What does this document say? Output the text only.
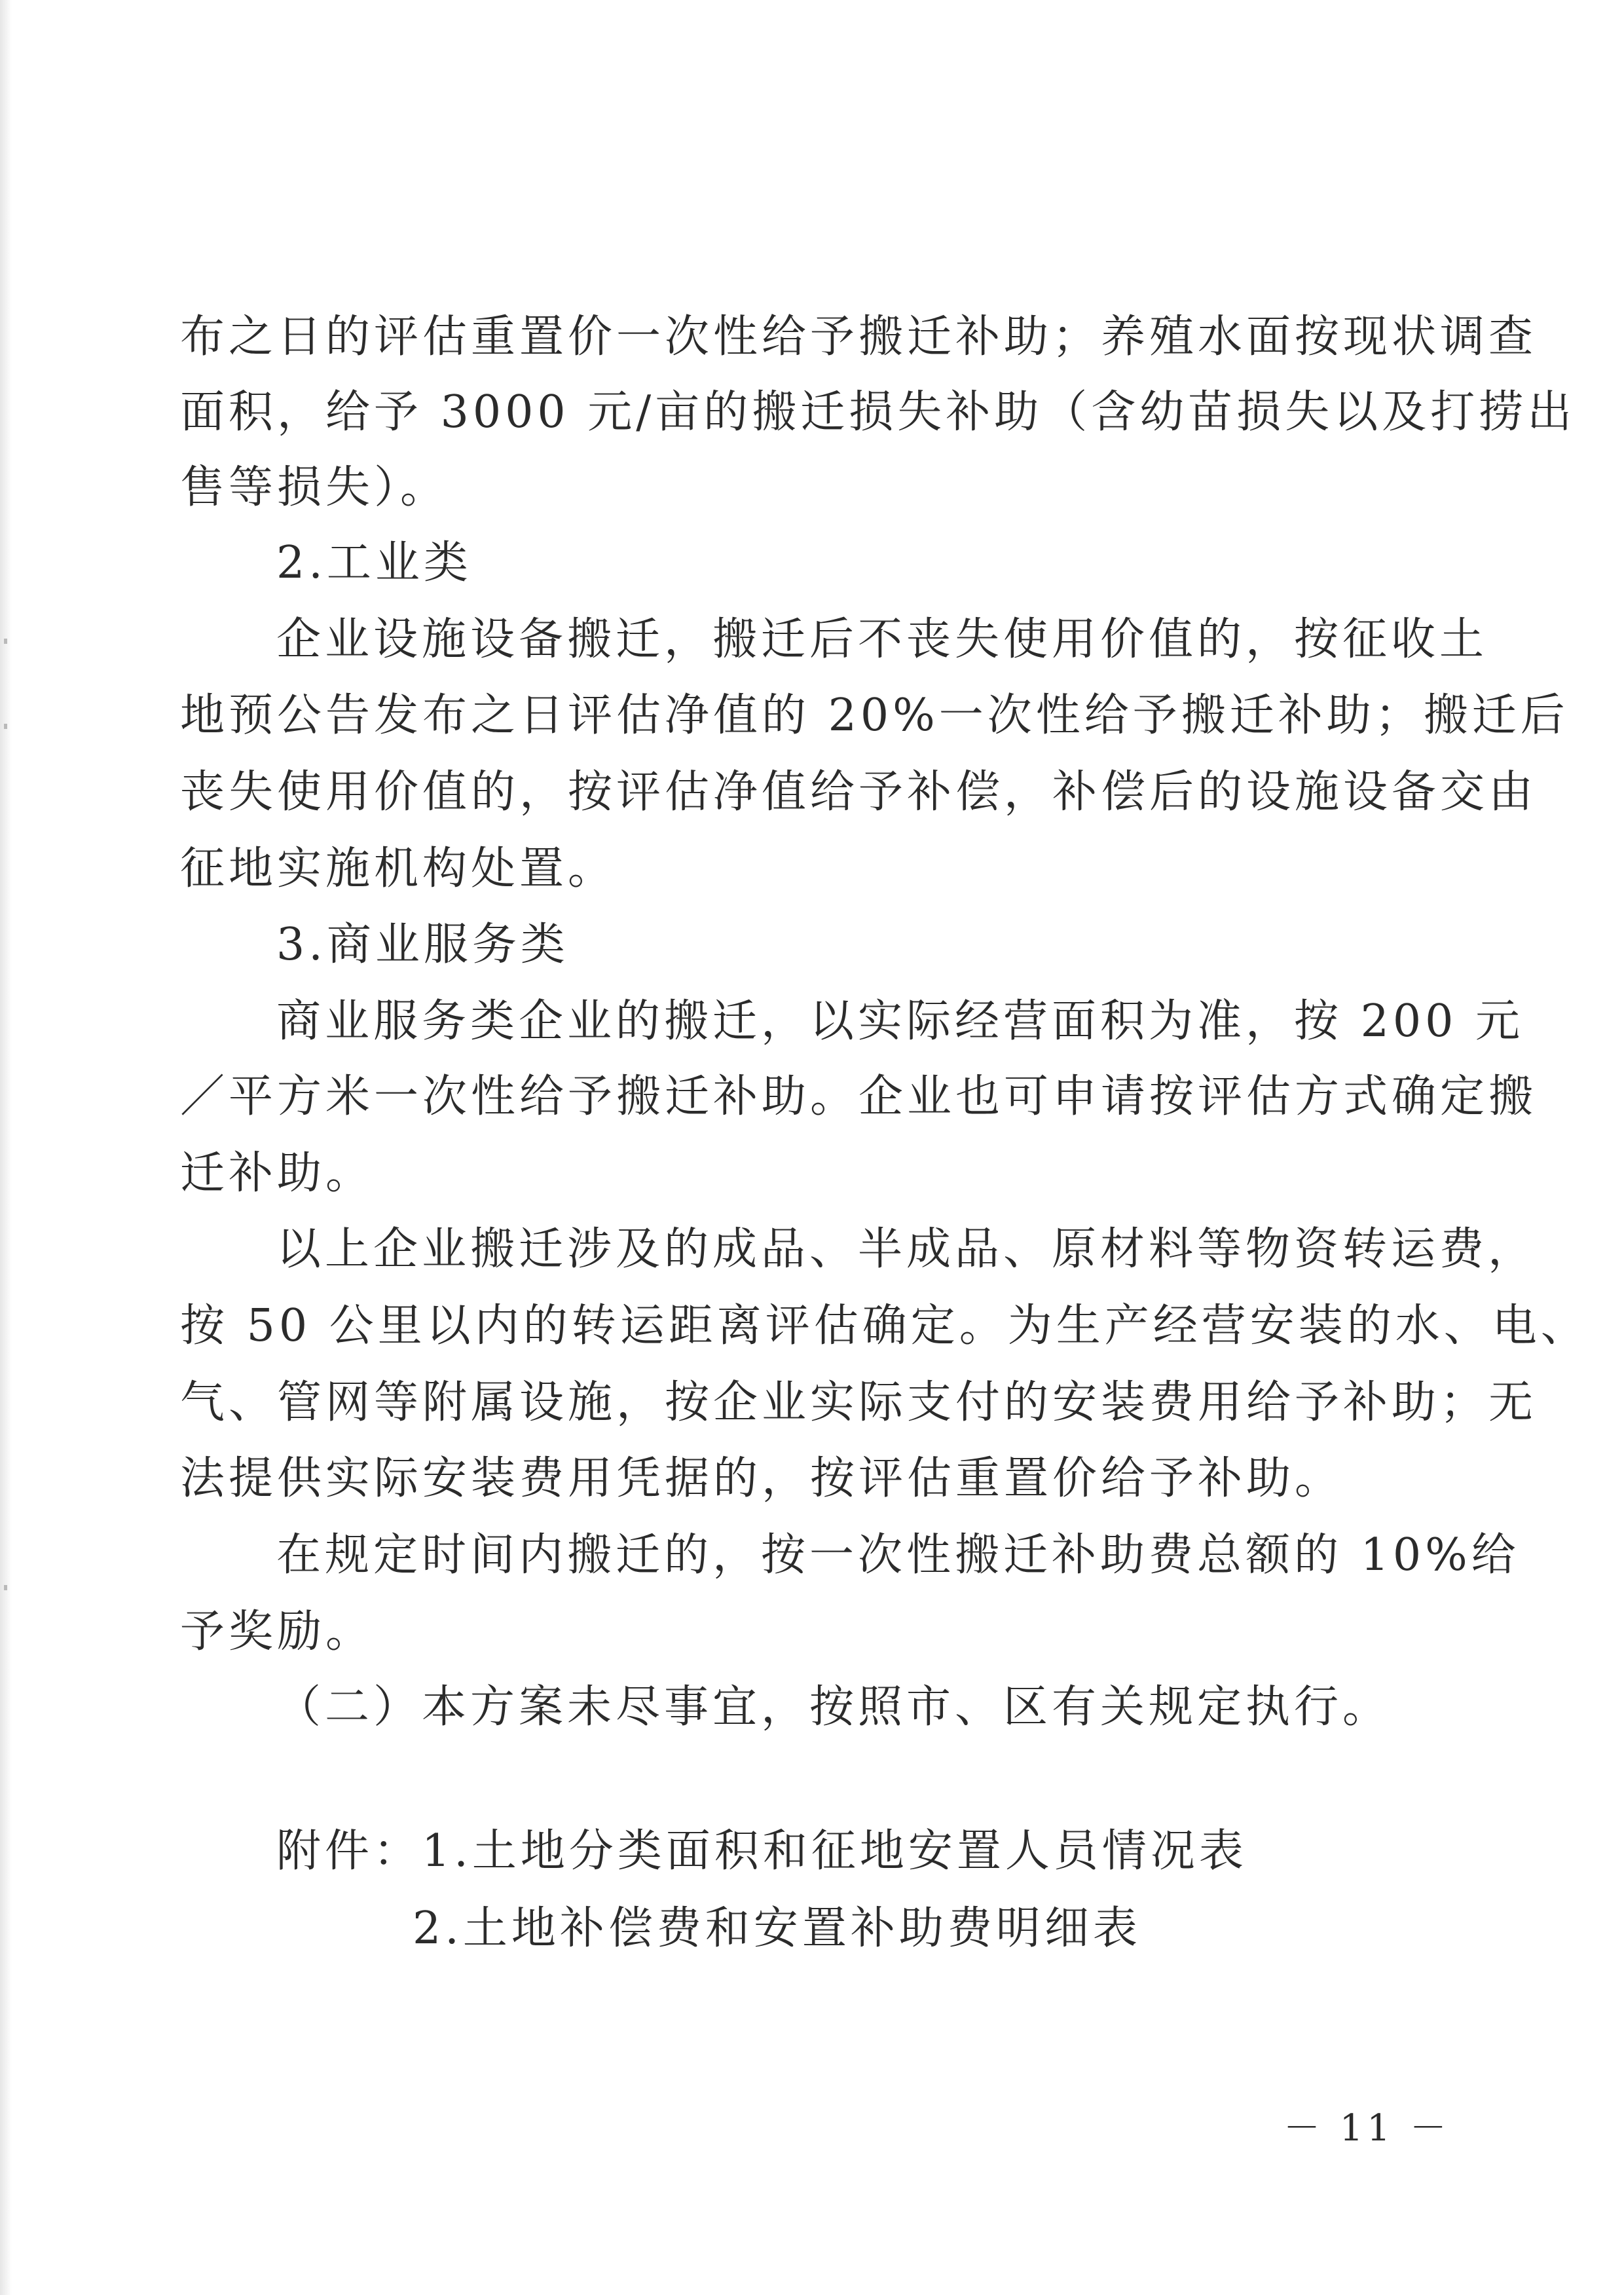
布之日的评估重置价一次性给予搬迁补助；养殖水面按现状调查
面积，给予 3000 元/亩的搬迁损失补助（含幼苗损失以及打捞出
售等损失）。
2.工业类
企业设施设备搬迁，搬迁后不丧失使用价值的，按征收土
地预公告发布之日评估净值的 20%一次性给予搬迁补助；搬迁后
丧失使用价值的，按评估净值给予补偿，补偿后的设施设备交由
征地实施机构处置。
3.商业服务类
商业服务类企业的搬迁，以实际经营面积为准，按 200 元
／平方米一次性给予搬迁补助。企业也可申请按评估方式确定搬
迁补助。
以上企业搬迁涉及的成品、半成品、原材料等物资转运费，
按 50 公里以内的转运距离评估确定。为生产经营安装的水、电、
气、管网等附属设施，按企业实际支付的安装费用给予补助；无
法提供实际安装费用凭据的，按评估重置价给予补助。
在规定时间内搬迁的，按一次性搬迁补助费总额的 10%给
予奖励。
（二）本方案未尽事宜，按照市、区有关规定执行。
附件：1.土地分类面积和征地安置人员情况表
2.土地补偿费和安置补助费明细表
－ 11 －
